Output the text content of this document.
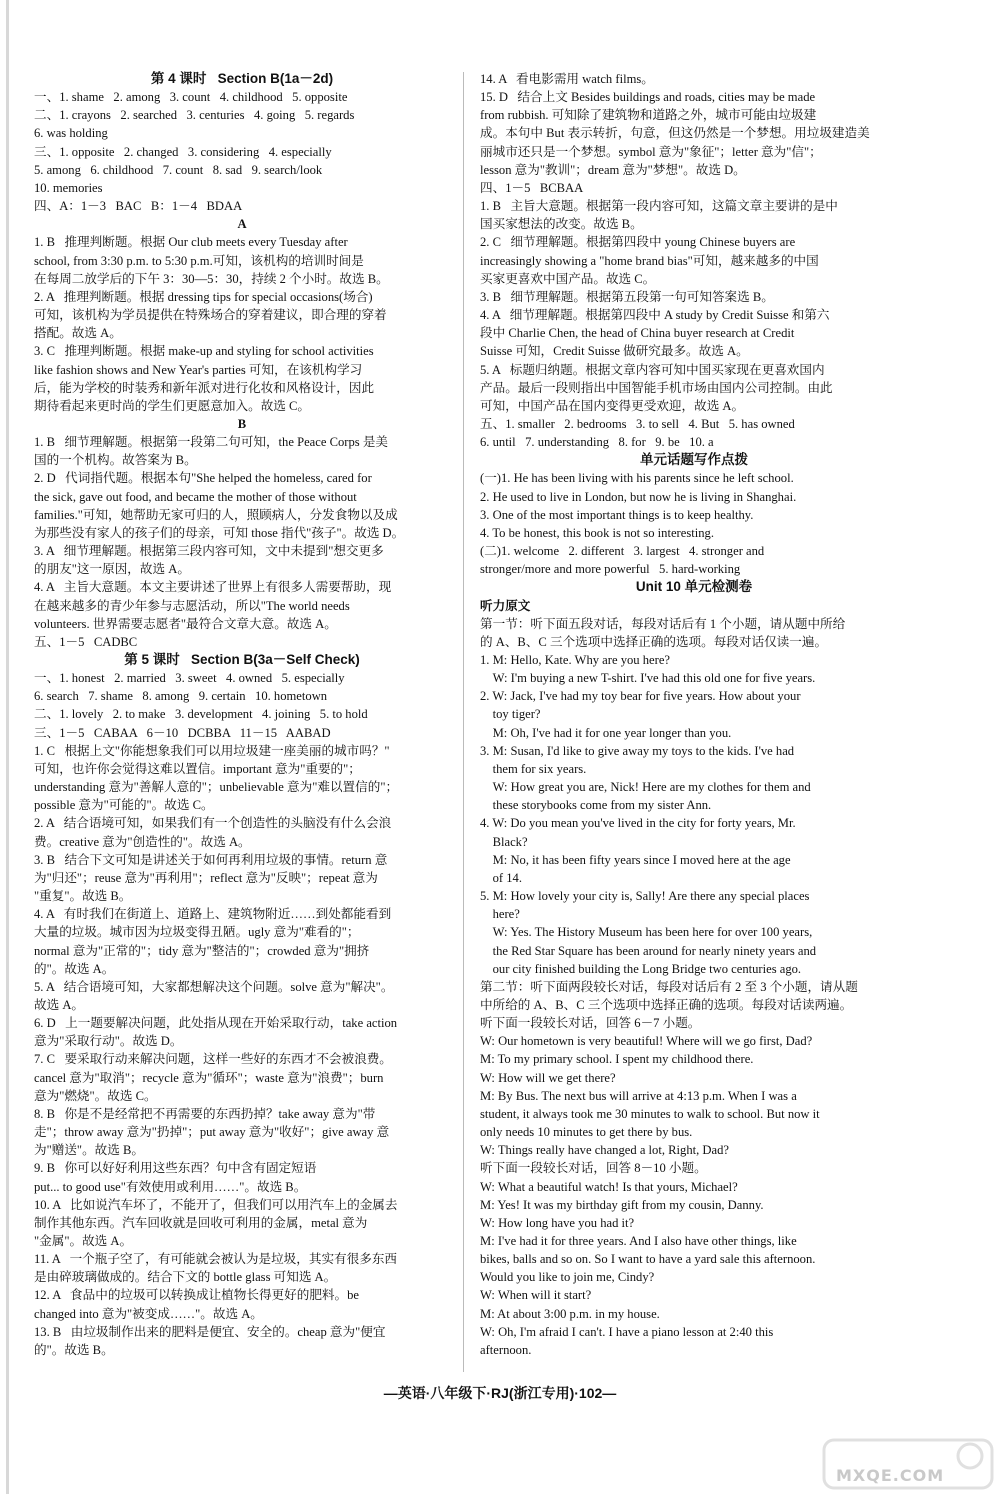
第 4 课时   Section B(1a－2d)
一、1. shame   2. among   3. count   4. childhood   5. opposite
二、1. crayons   2. searched   3. centuries   4. going   5. regards
6. was holding
三、1. opposite   2. changed   3. considering   4. especially
5. among   6. childhood   7. count   8. sad   9. search/look
10. memories
四、A：1－3   BAC   B：1－4   BDAA
A
1. B   推理判断题。根据 Our club meets every Tuesday after
school, from 3:30 p.m. to 5:30 p.m.可知，该机构的培训时间是
在每周二放学后的下午 3：30—5：30，持续 2 个小时。故选 B。
2. A   推理判断题。根据 dressing tips for special occasions(场合)
可知，该机构为学员提供在特殊场合的穿着建议，即合理的穿着
搭配。故选 A。
3. C   推理判断题。根据 make-up and styling for school activities
like fashion shows and New Year's parties 可知，在该机构学习
后，能为学校的时装秀和新年派对进行化妆和风格设计，因此
期待看起来更时尚的学生们更愿意加入。故选 C。
B
1. B   细节理解题。根据第一段第二句可知，the Peace Corps 是美
国的一个机构。故答案为 B。
2. D   代词指代题。根据本句"She helped the homeless, cared for
the sick, gave out food, and became the mother of those without
families."可知，她帮助无家可归的人，照顾病人，分发食物以及成
为那些没有家人的孩子们的母亲，可知 those 指代"孩子"。故选 D。
3. A   细节理解题。根据第三段内容可知，文中未提到"想交更多
的朋友"这一原因，故选 A。
4. A   主旨大意题。本文主要讲述了世界上有很多人需要帮助，现
在越来越多的青少年参与志愿活动，所以"The world needs
volunteers. 世界需要志愿者"最符合文章大意。故选 A。
五、1－5   CADBC
第 5 课时   Section B(3a－Self Check)
一、1. honest   2. married   3. sweet   4. owned   5. especially
6. search   7. shame   8. among   9. certain   10. hometown
二、1. lovely   2. to make   3. development   4. joining   5. to hold
三、1－5   CABAA   6－10   DCBBA   11－15   AABAD
1. C   根据上文"你能想象我们可以用垃圾建一座美丽的城市吗？"
可知，也许你会觉得这难以置信。important 意为"重要的"；
understanding 意为"善解人意的"；unbelievable 意为"难以置信的"；
possible 意为"可能的"。故选 C。
2. A   结合语境可知，如果我们有一个创造性的头脑没有什么会浪
费。creative 意为"创造性的"。故选 A。
3. B   结合下文可知是讲述关于如何再利用垃圾的事情。return 意
为"归还"；reuse 意为"再利用"；reflect 意为"反映"；repeat 意为
"重复"。故选 B。
4. A   有时我们在街道上、道路上、建筑物附近……到处都能看到
大量的垃圾。城市因为垃圾变得丑陋。ugly 意为"难看的"；
normal 意为"正常的"；tidy 意为"整洁的"；crowded 意为"拥挤
的"。故选 A。
5. A   结合语境可知，大家都想解决这个问题。solve 意为"解决"。
故选 A。
6. D   上一题要解决问题，此处指从现在开始采取行动，take action
意为"采取行动"。故选 D。
7. C   要采取行动来解决问题，这样一些好的东西才不会被浪费。
cancel 意为"取消"；recycle 意为"循环"；waste 意为"浪费"；burn
意为"燃烧"。故选 C。
8. B   你是不是经常把不再需要的东西扔掉？take away 意为"带
走"；throw away 意为"扔掉"；put away 意为"收好"；give away 意
为"赠送"。故选 B。
9. B   你可以好好利用这些东西？句中含有固定短语
put... to good use"有效使用或利用……"。故选 B。
10. A   比如说汽车坏了，不能开了，但我们可以用汽车上的金属去
制作其他东西。汽车回收就是回收可利用的金属，metal 意为
"金属"。故选 A。
11. A   一个瓶子空了，有可能就会被认为是垃圾，其实有很多东西
是由碎玻璃做成的。结合下文的 bottle glass 可知选 A。
12. A   食品中的垃圾可以转换成让植物长得更好的肥料。be
changed into 意为"被变成……"。故选 A。
13. B   由垃圾制作出来的肥料是便宜、安全的。cheap 意为"便宜
的"。故选 B。
14. A   看电影需用 watch films。
15. D   结合上文 Besides buildings and roads, cities may be made
from rubbish. 可知除了建筑物和道路之外，城市可能由垃圾建
成。本句中 But 表示转折，句意，但这仍然是一个梦想。用垃圾建造美
丽城市还只是一个梦想。symbol 意为"象征"；letter 意为"信"；
lesson 意为"教训"；dream 意为"梦想"。故选 D。
四、1－5   BCBAA
1. B   主旨大意题。根据第一段内容可知，这篇文章主要讲的是中
国买家想法的改变。故选 B。
2. C   细节理解题。根据第四段中 young Chinese buyers are
increasingly showing a "home brand bias"可知，越来越多的中国
买家更喜欢中国产品。故选 C。
3. B   细节理解题。根据第五段第一句可知答案选 B。
4. A   细节理解题。根据第四段中 A study by Credit Suisse 和第六
段中 Charlie Chen, the head of China buyer research at Credit
Suisse 可知，Credit Suisse 做研究最多。故选 A。
5. A   标题归纳题。根据文章内容可知中国买家现在更喜欢国内
产品。最后一段则指出中国智能手机市场由国内公司控制。由此
可知，中国产品在国内变得更受欢迎，故选 A。
五、1. smaller   2. bedrooms   3. to sell   4. But   5. has owned
6. until   7. understanding   8. for   9. be   10. a
单元话题写作点拨
(一)1. He has been living with his parents since he left school.
2. He used to live in London, but now he is living in Shanghai.
3. One of the most important things is to keep healthy.
4. To be honest, this book is not so interesting.
(二)1. welcome   2. different   3. largest   4. stronger and
stronger/more and more powerful   5. hard-working
Unit 10 单元检测卷
听力原文
第一节：听下面五段对话，每段对话后有 1 个小题，请从题中所给
的 A、B、C 三个选项中选择正确的选项。每段对话仅读一遍。
1. M: Hello, Kate. Why are you here?
W: I'm buying a new T-shirt. I've had this old one for five years.
2. W: Jack, I've had my toy bear for five years. How about your
toy tiger?
M: Oh, I've had it for one year longer than you.
3. M: Susan, I'd like to give away my toys to the kids. I've had
them for six years.
W: How great you are, Nick! Here are my clothes for them and
these storybooks come from my sister Ann.
4. W: Do you mean you've lived in the city for forty years, Mr.
Black?
M: No, it has been fifty years since I moved here at the age
of 14.
5. M: How lovely your city is, Sally! Are there any special places
here?
W: Yes. The History Museum has been here for over 100 years,
the Red Star Square has been around for nearly ninety years and
our city finished building the Long Bridge two centuries ago.
第二节：听下面两段较长对话，每段对话后有 2 至 3 个小题，请从题
中所给的 A、B、C 三个选项中选择正确的选项。每段对话读两遍。
听下面一段较长对话，回答 6－7 小题。
W: Our hometown is very beautiful! Where will we go first, Dad?
M: To my primary school. I spent my childhood there.
W: How will we get there?
M: By Bus. The next bus will arrive at 4:13 p.m. When I was a
student, it always took me 30 minutes to walk to school. But now it
only needs 10 minutes to get there by bus.
W: Things really have changed a lot, Right, Dad?
听下面一段较长对话，回答 8－10 小题。
W: What a beautiful watch! Is that yours, Michael?
M: Yes! It was my birthday gift from my cousin, Danny.
W: How long have you had it?
M: I've had it for three years. And I also have other things, like
bikes, balls and so on. So I want to have a yard sale this afternoon.
Would you like to join me, Cindy?
W: When will it start?
M: At about 3:00 p.m. in my house.
W: Oh, I'm afraid I can't. I have a piano lesson at 2:40 this
afternoon.
—英语·八年级下·RJ(浙江专用)·102—
MXQE.COM
